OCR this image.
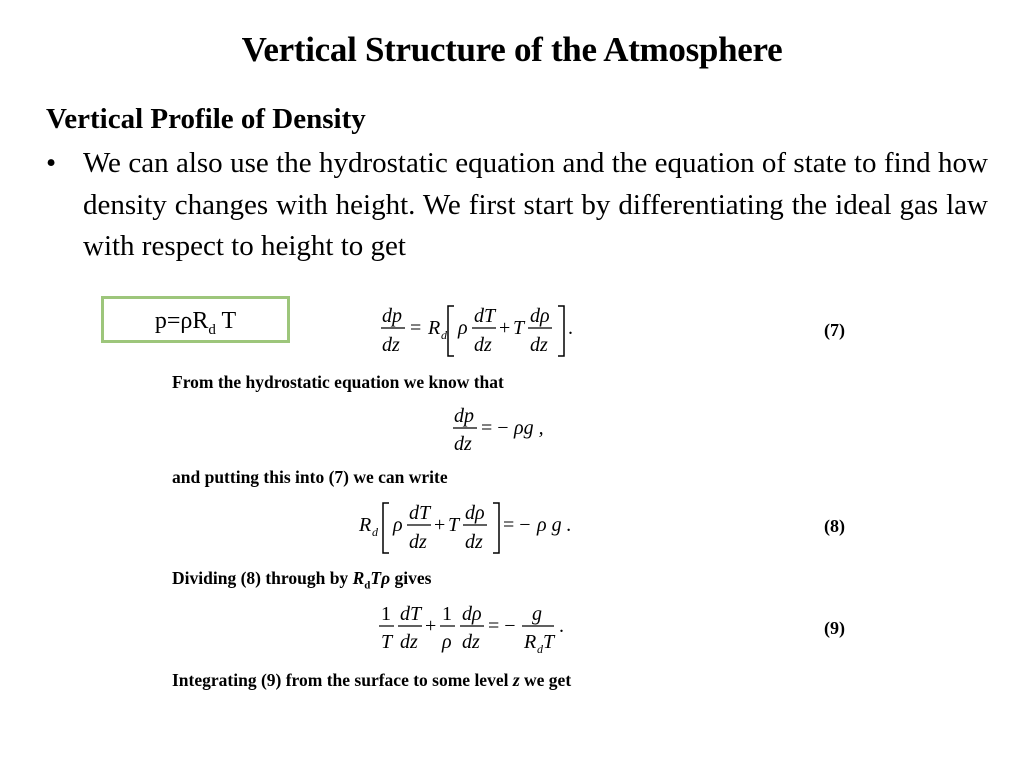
Vertical Structure of the Atmosphere
Vertical Profile of Density
• We can also use the hydrostatic equation and the equation of state to find how density changes with height. We first start by differentiating the ideal gas law with respect to height to get
$p=\rho R_d$ T	dp
dz
= R d ρ
dT
dz
+ T
dρ
dz
.	(7)
From the hydrostatic equation we know that
dp
dz
= − ρg ,
and putting this into (7) we can write
R d ρ
dT
dz
+ T
dρ
dz
= − ρ g .	(8)
Dividing (8) through by $R_dT\rho$ gives
1
T
dT
dz
+
1
ρ
dρ
dz
= −
g
R d T
.	(9)
Integrating (9) from the surface to some level z we get
